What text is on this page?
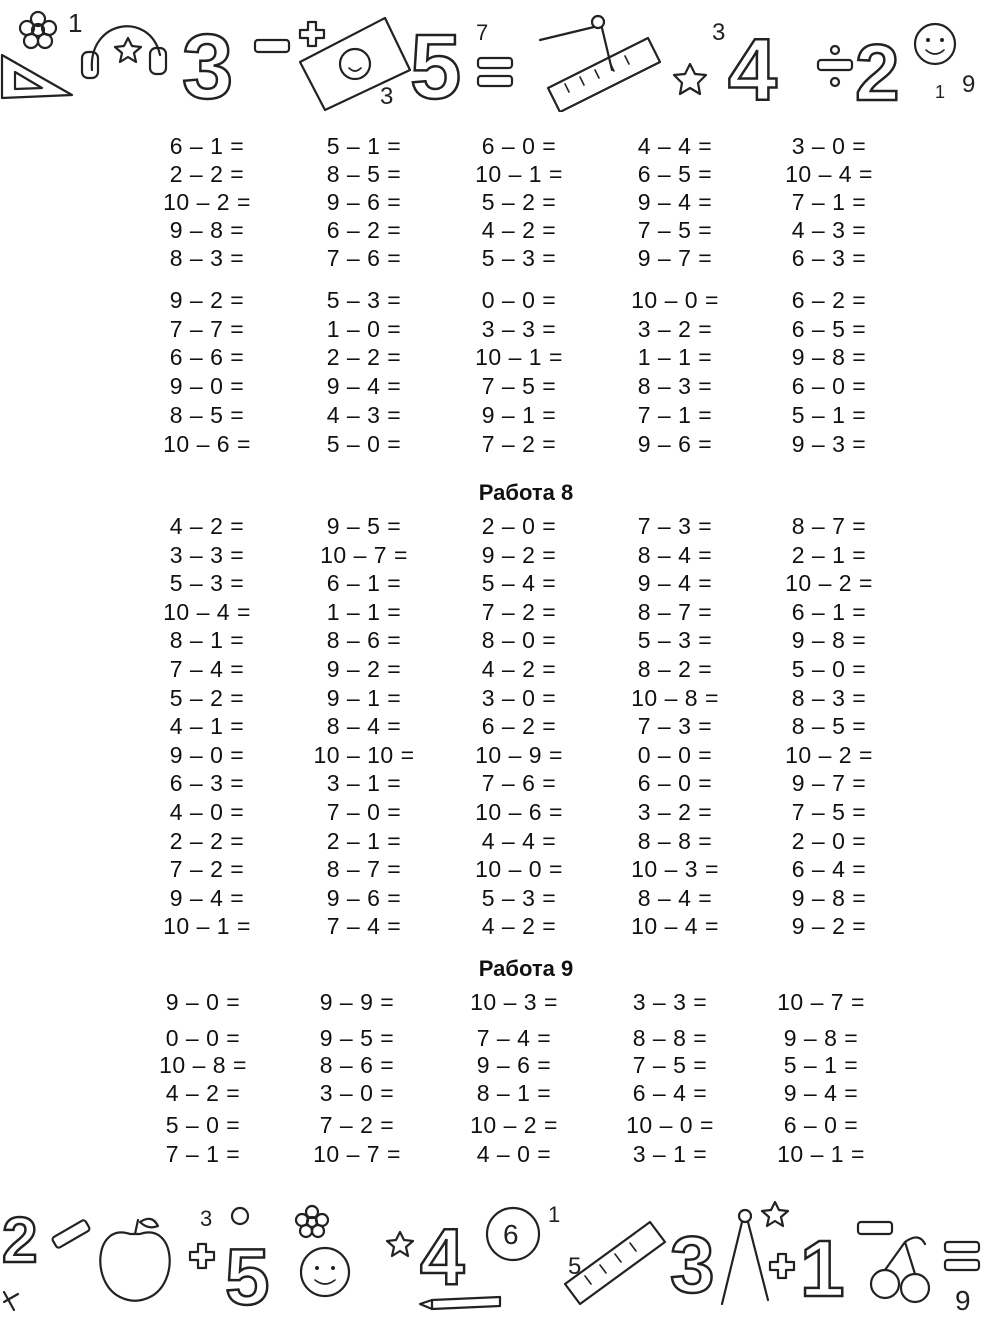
1 3	3 5 7	4
3 2	9
1
6 – 1 =	5 – 1 =	6 – 0 =	4 – 4 =	3 – 0 =
2 – 2 =	8 – 5 =	10 – 1 =	6 – 5 =	10 – 4 =
10 – 2 =	9 – 6 =	5 – 2 =	9 – 4 =	7 – 1 =
9 – 8 =	6 – 2 =	4 – 2 =	7 – 5 =	4 – 3 =
8 – 3 =	7 – 6 =	5 – 3 =	9 – 7 =	6 – 3 =
9 – 2 =	5 – 3 =	0 – 0 =	10 – 0 =	6 – 2 =
7 – 7 =	1 – 0 =	3 – 3 =	3 – 2 =	6 – 5 =
6 – 6 =	2 – 2 =	10 – 1 =	1 – 1 =	9 – 8 =
9 – 0 =	9 – 4 =	7 – 5 =	8 – 3 =	6 – 0 =
8 – 5 =	4 – 3 =	9 – 1 =	7 – 1 =	5 – 1 =
10 – 6 =	5 – 0 =	7 – 2 =	9 – 6 =	9 – 3 =
Работа 8
4 – 2 =	9 – 5 =	2 – 0 =	7 – 3 =	8 – 7 =
3 – 3 =	10 – 7 =	9 – 2 =	8 – 4 =	2 – 1 =
5 – 3 =	6 – 1 =	5 – 4 =	9 – 4 =	10 – 2 =
10 – 4 =	1 – 1 =	7 – 2 =	8 – 7 =	6 – 1 =
8 – 1 =	8 – 6 =	8 – 0 =	5 – 3 =	9 – 8 =
7 – 4 =	9 – 2 =	4 – 2 =	8 – 2 =	5 – 0 =
5 – 2 =	9 – 1 =	3 – 0 =	10 – 8 =	8 – 3 =
4 – 1 =	8 – 4 =	6 – 2 =	7 – 3 =	8 – 5 =
9 – 0 =	10 – 10 =	10 – 9 =	0 – 0 =	10 – 2 =
6 – 3 =	3 – 1 =	7 – 6 =	6 – 0 =	9 – 7 =
4 – 0 =	7 – 0 =	10 – 6 =	3 – 2 =	7 – 5 =
2 – 2 =	2 – 1 =	4 – 4 =	8 – 8 =	2 – 0 =
7 – 2 =	8 – 7 =	10 – 0 =	10 – 3 =	6 – 4 =
9 – 4 =	9 – 6 =	5 – 3 =	8 – 4 =	9 – 8 =
10 – 1 =	7 – 4 =	4 – 2 =	10 – 4 =	9 – 2 =
Работа 9
9 – 0 =	9 – 9 =	10 – 3 =	3 – 3 =	10 – 7 =
0 – 0 =	9 – 5 =	7 – 4 =	8 – 8 =	9 – 8 =
10 – 8 =	8 – 6 =	9 – 6 =	7 – 5 =	5 – 1 =
4 – 2 =	3 – 0 =	8 – 1 =	6 – 4 =	9 – 4 =
5 – 0 =	7 – 2 =	10 – 2 =	10 – 0 =	6 – 0 =
7 – 1 =	10 – 7 =	4 – 0 =	3 – 1 =	10 – 1 =
2	3
5 4 6
1
5 3 1	9
